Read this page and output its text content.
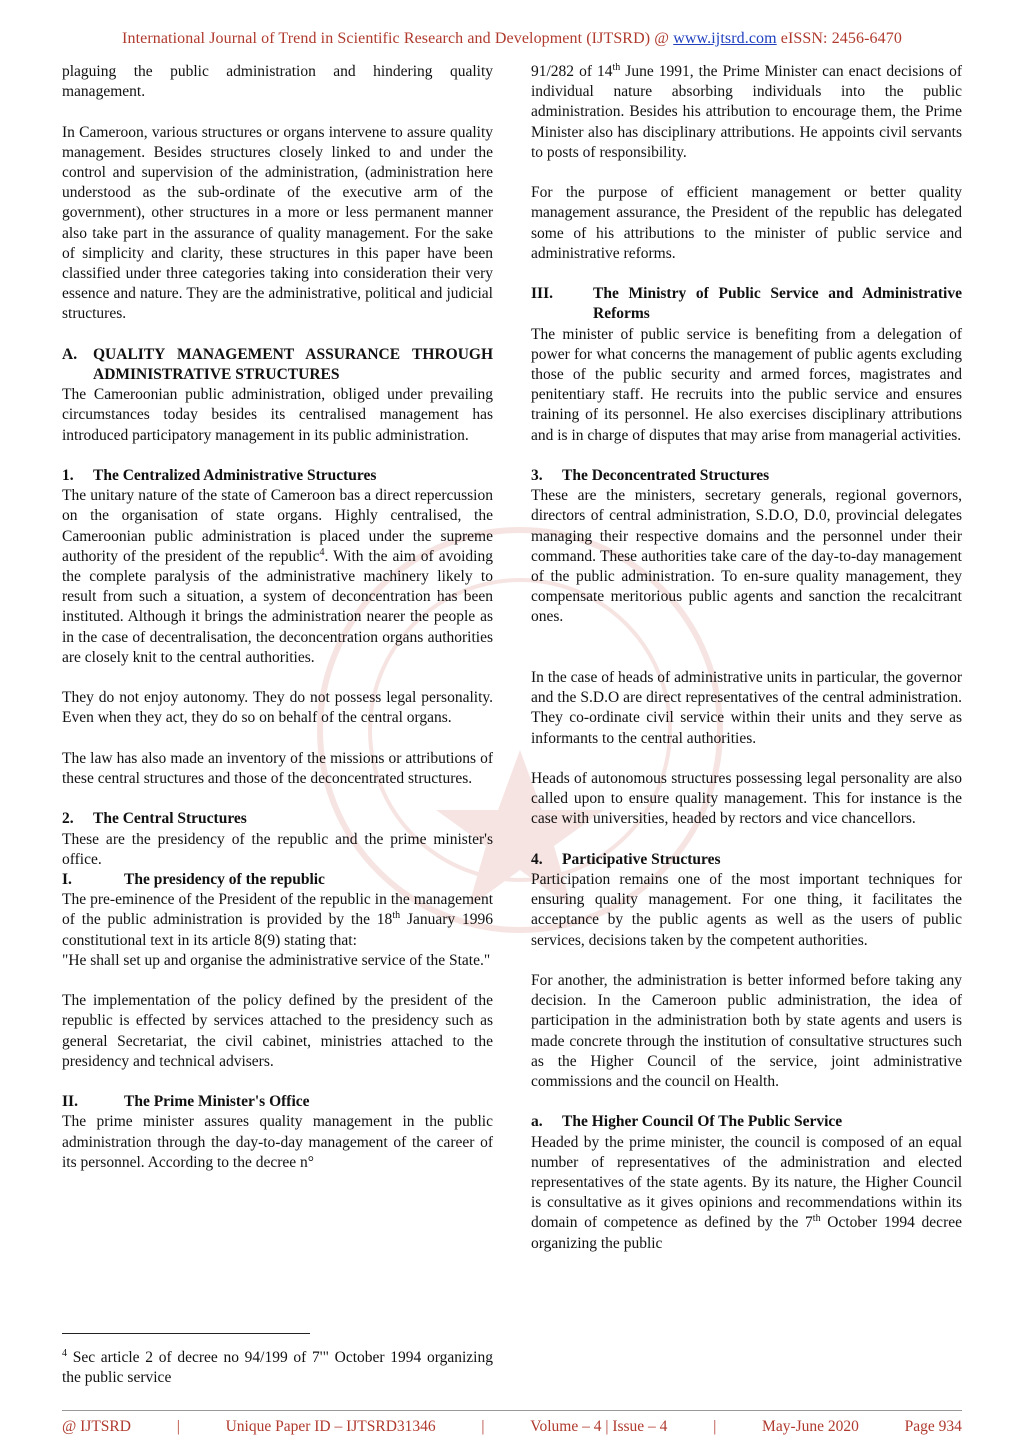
International Journal of Trend in Scientific Research and Development (IJTSRD) @ www.ijtsrd.com eISSN: 2456-6470

plaguing the public administration and hindering quality management.

In Cameroon, various structures or organs intervene to assure quality management. Besides structures closely linked to and under the control and supervision of the administration, (administration here understood as the sub-ordinate of the executive arm of the government), other structures in a more or less permanent manner also take part in the assurance of quality management. For the sake of simplicity and clarity, these structures in this paper have been classified under three categories taking into consideration their very essence and nature. They are the administrative, political and judicial structures.

A.	QUALITY MANAGEMENT ASSURANCE THROUGH ADMINISTRATIVE STRUCTURES

The Cameroonian public administration, obliged under prevailing circumstances today besides its centralised management has introduced participatory management in its public administration.

1. The Centralized Administrative Structures

The unitary nature of the state of Cameroon bas a direct repercussion on the organisation of state organs. Highly centralised, the Cameroonian public administration is placed under the supreme authority of the president of the republic$^4$. With the aim of avoiding the complete paralysis of the administrative machinery likely to result from such a situation, a system of deconcentration has been instituted. Although it brings the administration nearer the people as in the case of decentralisation, the deconcentration organs authorities are closely knit to the central authorities.

They do not enjoy autonomy. They do not possess legal personality. Even when they act, they do so on behalf of the central organs.

The law has also made an inventory of the missions or attributions of these central structures and those of the deconcentrated structures.

2. The Central Structures

These are the presidency of the republic and the prime minister's office.

I.	The presidency of the republic

The pre-eminence of the President of the republic in the management of the public administration is provided by the 18th January 1996 constitutional text in its article 8(9) stating that:

"He shall set up and organise the administrative service of the State."

The implementation of the policy defined by the president of the republic is effected by services attached to the presidency such as general Secretariat, the civil cabinet, ministries attached to the presidency and technical advisers.

II.	The Prime Minister's Office

The prime minister assures quality management in the public administration through the day-to-day management of the career of its personnel. According to the decree n°

91/282 of 14th June 1991, the Prime Minister can enact decisions of individual nature absorbing individuals into the public administration. Besides his attribution to encourage them, the Prime Minister also has disciplinary attributions. He appoints civil servants to posts of responsibility.

For the purpose of efficient management or better quality management assurance, the President of the republic has delegated some of his attributions to the minister of public service and administrative reforms.

III.	The Ministry of Public Service and Administrative Reforms

The minister of public service is benefiting from a delegation of power for what concerns the management of public agents excluding those of the public security and armed forces, magistrates and penitentiary staff. He recruits into the public service and ensures training of its personnel. He also exercises disciplinary attributions and is in charge of disputes that may arise from managerial activities.

3. The Deconcentrated Structures

These are the ministers, secretary generals, regional governors, directors of central administration, S.D.O, D.0, provincial delegates managing their respective domains and the personnel under their command. These authorities take care of the day-to-day management of the public administration. To en-sure quality management, they compensate meritorious public agents and sanction the recalcitrant ones.

In the case of heads of administrative units in particular, the governor and the S.D.O are direct representatives of the central administration. They co-ordinate civil service within their units and they serve as informants to the central authorities.

Heads of autonomous structures possessing legal personality are also called upon to ensure quality management. This for instance is the case with universities, headed by rectors and vice chancellors.

4. Participative Structures

Participation remains one of the most important techniques for ensuring quality management. For one thing, it facilitates the acceptance by the public agents as well as the users of public services, decisions taken by the competent authorities.

For another, the administration is better informed before taking any decision. In the Cameroon public administration, the idea of participation in the administration both by state agents and users is made concrete through the institution of consultative structures such as the Higher Council of the service, joint administrative commissions and the council on Health.

a. The Higher Council Of The Public Service

Headed by the prime minister, the council is composed of an equal number of representatives of the administration and elected representatives of the state agents. By its nature, the Higher Council is consultative as it gives opinions and recommendations within its domain of competence as defined by the 7th October 1994 decree organizing the public

$^4$ Sec article 2 of decree no 94/199 of 7'" October 1994 organizing the public service
@ IJTSRD	|	Unique Paper ID – IJTSRD31346	|	Volume – 4 | Issue – 4	|	May-June 2020	Page 934
